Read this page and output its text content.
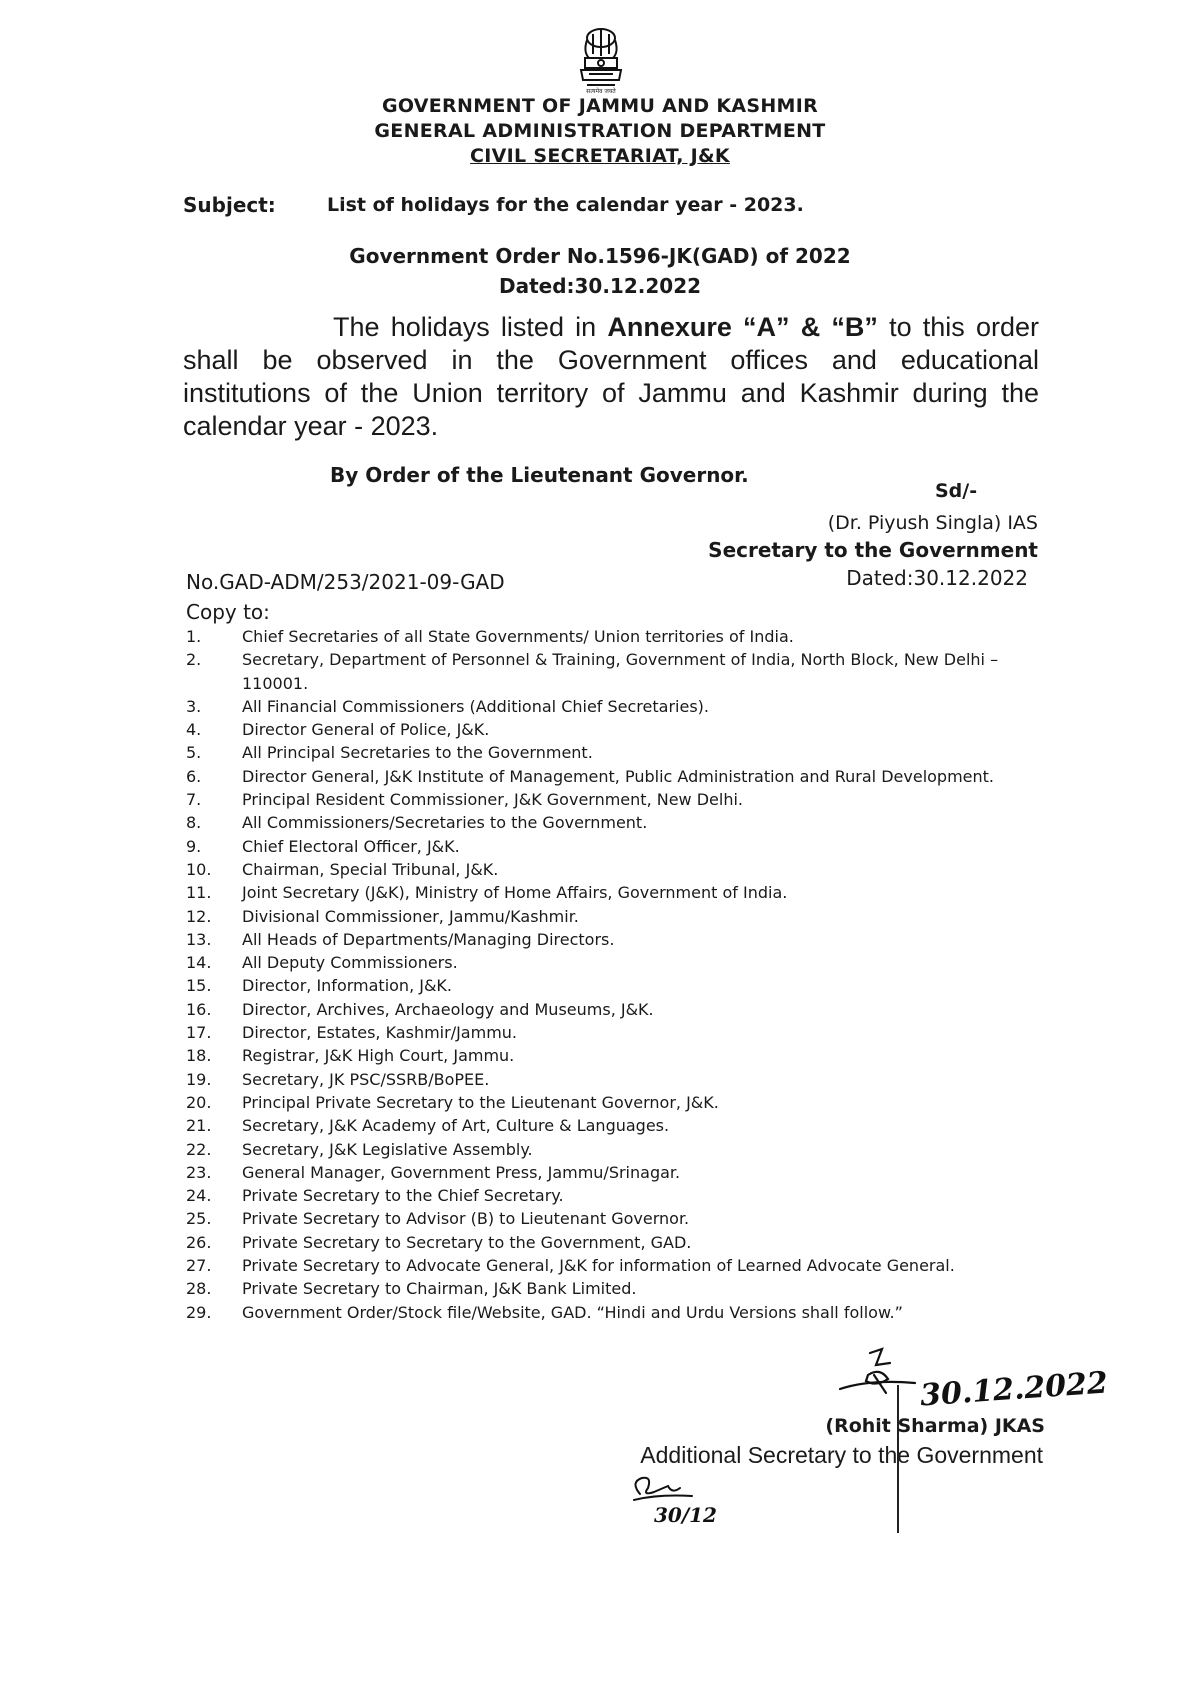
सत्यमेव जयते
GOVERNMENT OF JAMMU AND KASHMIR
GENERAL ADMINISTRATION DEPARTMENT
CIVIL SECRETARIAT, J&K
Subject:	List of holidays for the calendar year - 2023.
Government Order No.1596-JK(GAD) of 2022
Dated:30.12.2022
The holidays listed in Annexure “A” & “B” to this order shall be observed in the Government offices and educational institutions of the Union territory of Jammu and Kashmir during the calendar year - 2023.
By Order of the Lieutenant Governor.
Sd/-
(Dr. Piyush Singla) IAS
Secretary to the Government
Dated:30.12.2022
No.GAD-ADM/253/2021-09-GAD
Copy to:
1.	Chief Secretaries of all State Governments/ Union territories of India.
2.	Secretary, Department of Personnel & Training, Government of India, North Block, New Delhi – 110001.
3.	All Financial Commissioners (Additional Chief Secretaries).
4.	Director General of Police, J&K.
5.	All Principal Secretaries to the Government.
6.	Director General, J&K Institute of Management, Public Administration and Rural Development.
7.	Principal Resident Commissioner, J&K Government, New Delhi.
8.	All Commissioners/Secretaries to the Government.
9.	Chief Electoral Officer, J&K.
10. Chairman, Special Tribunal, J&K.
11. Joint Secretary (J&K), Ministry of Home Affairs, Government of India.
12. Divisional Commissioner, Jammu/Kashmir.
13. All Heads of Departments/Managing Directors.
14. All Deputy Commissioners.
15. Director, Information, J&K.
16. Director, Archives, Archaeology and Museums, J&K.
17. Director, Estates, Kashmir/Jammu.
18. Registrar, J&K High Court, Jammu.
19. Secretary, JK PSC/SSRB/BoPEE.
20. Principal Private Secretary to the Lieutenant Governor, J&K.
21. Secretary, J&K Academy of Art, Culture & Languages.
22. Secretary, J&K Legislative Assembly.
23. General Manager, Government Press, Jammu/Srinagar.
24. Private Secretary to the Chief Secretary.
25. Private Secretary to Advisor (B) to Lieutenant Governor.
26. Private Secretary to Secretary to the Government, GAD.
27. Private Secretary to Advocate General, J&K for information of Learned Advocate General.
28. Private Secretary to Chairman, J&K Bank Limited.
29. Government Order/Stock file/Website, GAD. “Hindi and Urdu Versions shall follow.”
30.12.2022
(Rohit Sharma) JKAS
Additional Secretary to the Government
30/12
